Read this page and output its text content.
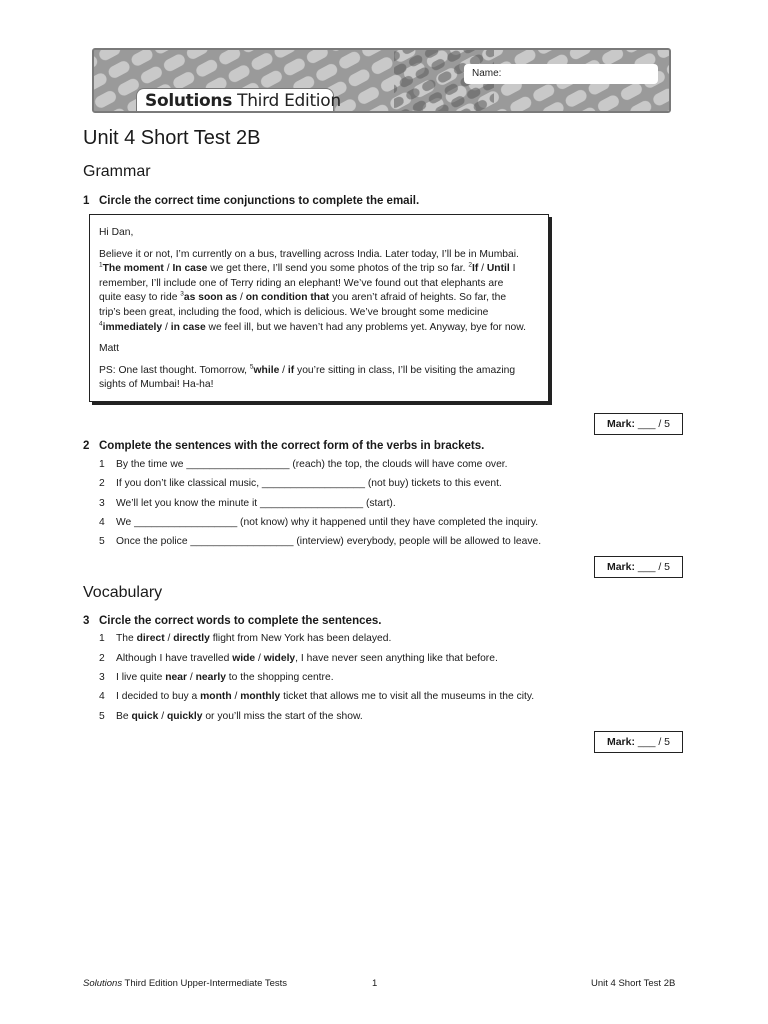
Name:
Solutions Third Edition
Unit 4 Short Test 2B
Grammar
1 Circle the correct time conjunctions to complete the email.

Hi Dan,

Believe it or not, I’m currently on a bus, travelling across India. Later today, I’ll be in Mumbai.
$^1$The moment / In case we get there, I’ll send you some photos of the trip so far. $^2$If / Until I
remember, I’ll include one of Terry riding an elephant! We’ve found out that elephants are
quite easy to ride $^3$as soon as / on condition that you aren’t afraid of heights. So far, the
trip’s been great, including the food, which is delicious. We’ve brought some medicine
$^4$immediately / in case we feel ill, but we haven’t had any problems yet. Anyway, bye for now.

Matt

PS: One last thought. Tomorrow, $^5$while / if you’re sitting in class, I’ll be visiting the amazing
sights of Mumbai! Ha-ha!

Mark: ___ / 5
2 Complete the sentences with the correct form of the verbs in brackets.
1 By the time we __________________ (reach) the top, the clouds will have come over.
2 If you don’t like classical music, __________________ (not buy) tickets to this event.
3 We’ll let you know the minute it __________________ (start).
4 We __________________ (not know) why it happened until they have completed the inquiry.
5 Once the police __________________ (interview) everybody, people will be allowed to leave.
Mark: ___ / 5
Vocabulary
3 Circle the correct words to complete the sentences.
1 The direct / directly flight from New York has been delayed.
2 Although I have travelled wide / widely, I have never seen anything like that before.
3 I live quite near / nearly to the shopping centre.
4 I decided to buy a month / monthly ticket that allows me to visit all the museums in the city.
5 Be quick / quickly or you’ll miss the start of the show.
Mark: ___ / 5
Solutions Third Edition Upper-Intermediate Tests	1	Unit 4 Short Test 2B
